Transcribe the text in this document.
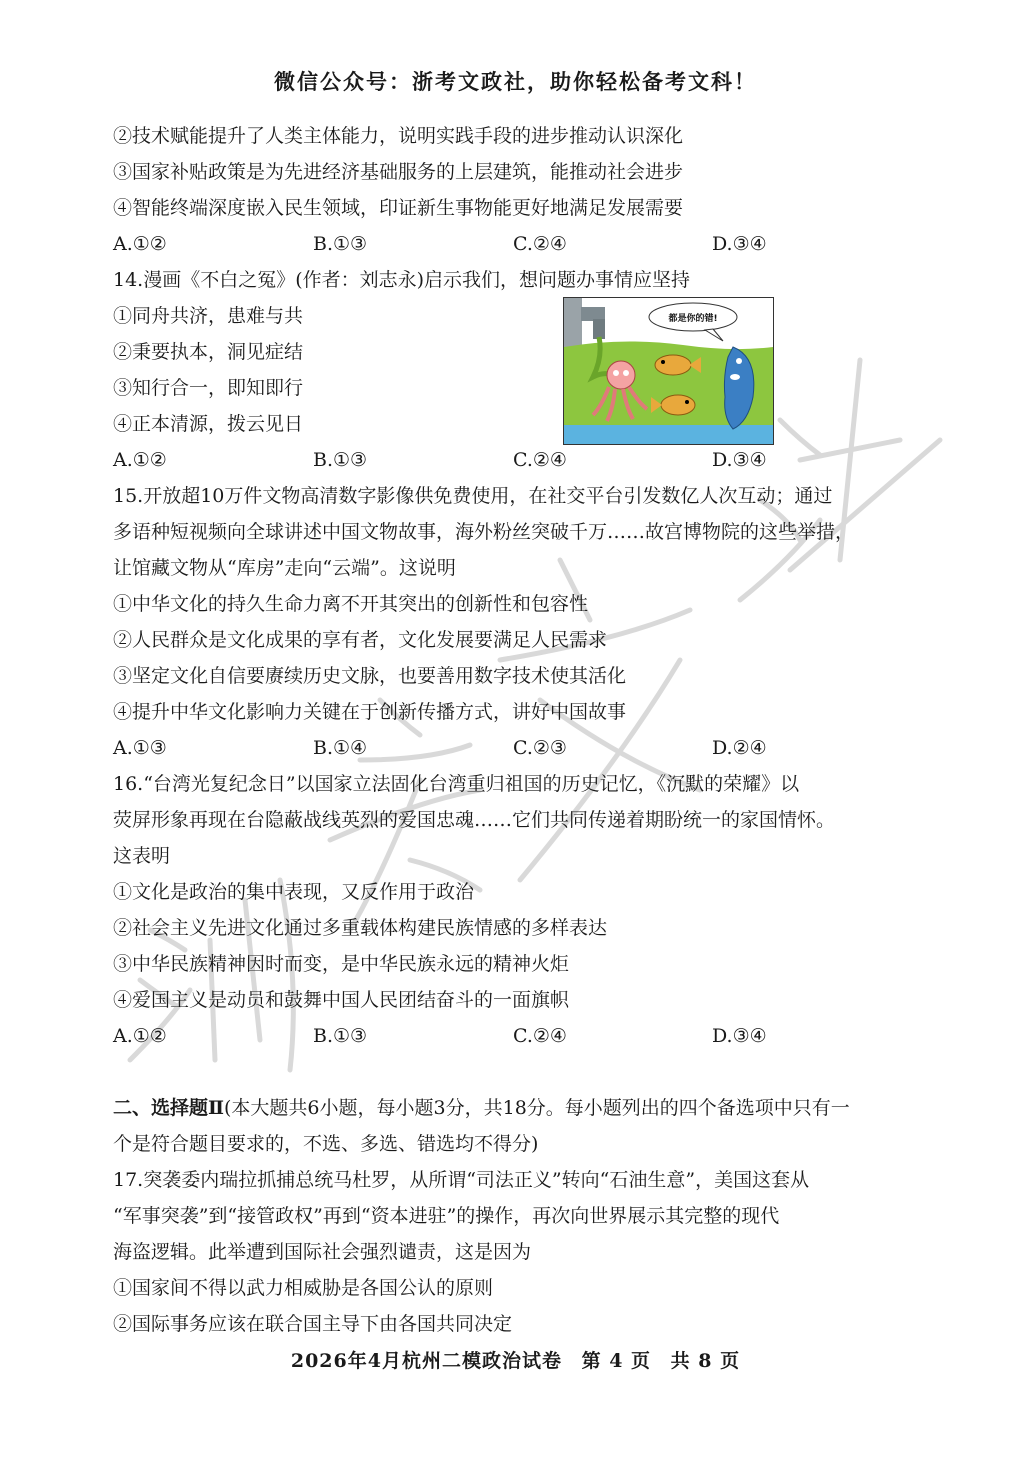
微信公众号：浙考文政社，助你轻松备考文科！
②技术赋能提升了人类主体能力，说明实践手段的进步推动认识深化
③国家补贴政策是为先进经济基础服务的上层建筑，能推动社会进步
④智能终端深度嵌入民生领域，印证新生事物能更好地满足发展需要
A.①②	B.①③	C.②④	D.③④
14.漫画《不白之冤》(作者：刘志永)启示我们，想问题办事情应坚持
①同舟共济，患难与共
②秉要执本，洞见症结
③知行合一，即知即行
④正本清源，拨云见日
都是你的错!
A.①②	B.①③	C.②④	D.③④
15.开放超10万件文物高清数字影像供免费使用，在社交平台引发数亿人次互动；通过
多语种短视频向全球讲述中国文物故事，海外粉丝突破千万……故宫博物院的这些举措，
让馆藏文物从“库房”走向“云端”。这说明
①中华文化的持久生命力离不开其突出的创新性和包容性
②人民群众是文化成果的享有者，文化发展要满足人民需求
③坚定文化自信要赓续历史文脉，也要善用数字技术使其活化
④提升中华文化影响力关键在于创新传播方式，讲好中国故事
A.①③	B.①④	C.②③	D.②④
16.“台湾光复纪念日”以国家立法固化台湾重归祖国的历史记忆，《沉默的荣耀》以
荧屏形象再现在台隐蔽战线英烈的爱国忠魂……它们共同传递着期盼统一的家国情怀。
这表明
①文化是政治的集中表现，又反作用于政治
②社会主义先进文化通过多重载体构建民族情感的多样表达
③中华民族精神因时而变，是中华民族永远的精神火炬
④爱国主义是动员和鼓舞中国人民团结奋斗的一面旗帜
A.①②	B.①③	C.②④	D.③④
二、选择题Ⅱ(本大题共6小题，每小题3分，共18分。每小题列出的四个备选项中只有一
个是符合题目要求的，不选、多选、错选均不得分)
17.突袭委内瑞拉抓捕总统马杜罗，从所谓“司法正义”转向“石油生意”，美国这套从
“军事突袭”到“接管政权”再到“资本进驻”的操作，再次向世界展示其完整的现代
海盗逻辑。此举遭到国际社会强烈谴责，这是因为
①国家间不得以武力相威胁是各国公认的原则
②国际事务应该在联合国主导下由各国共同决定
2026年4月杭州二模政治试卷 第 4 页 共 8 页
